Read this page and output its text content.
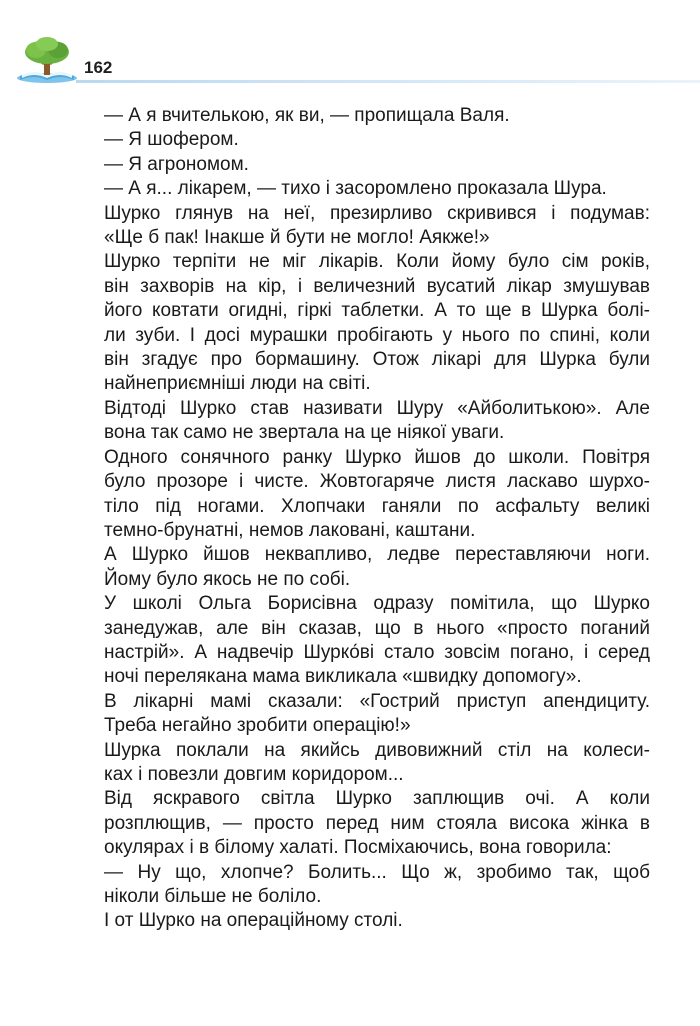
162
— А я вчителькою, як ви, — пропищала Валя.
— Я шофером.
— Я агрономом.
— А я... лікарем, — тихо і засоромлено проказала Шура.
Шурко глянув на неї, презирливо скривився і подумав:
«Ще б пак! Інакше й бути не могло! Аякже!»
Шурко терпіти не міг лікарів. Коли йому було сім років,
він захворів на кір, і величезний вусатий лікар змушував
його ковтати огидні, гіркі таблетки. А то ще в Шурка болі-
ли зуби. І досі мурашки пробігають у нього по спині, коли
він згадує про бормашину. Отож лікарі для Шурка були
найнеприємніші люди на світі.
Відтоді Шурко став називати Шуру «Айболитькою». Але
вона так само не звертала на це ніякої уваги.
Одного сонячного ранку Шурко йшов до школи. Повітря
було прозоре і чисте. Жовтогаряче листя ласкаво шурхо-
тіло під ногами. Хлопчаки ганяли по асфальту великі
темно-брунатні, немов лаковані, каштани.
А Шурко йшов неквапливо, ледве переставляючи ноги.
Йому було якось не по собі.
У школі Ольга Борисівна одразу помітила, що Шурко
занедужав, але він сказав, що в нього «просто поганий
настрій». А надвечір Шурко́ві стало зовсім погано, і серед
ночі перелякана мама викликала «швидку допомогу».
В лікарні мамі сказали: «Гострий приступ апендициту.
Треба негайно зробити операцію!»
Шурка поклали на якийсь дивовижний стіл на колеси-
ках і повезли довгим коридором...
Від яскравого світла Шурко заплющив очі. А коли
розплющив, — просто перед ним стояла висока жінка в
окулярах і в білому халаті. Посміхаючись, вона говорила:
— Ну що, хлопче? Болить... Що ж, зробимо так, щоб
ніколи більше не боліло.
І от Шурко на операційному столі.
